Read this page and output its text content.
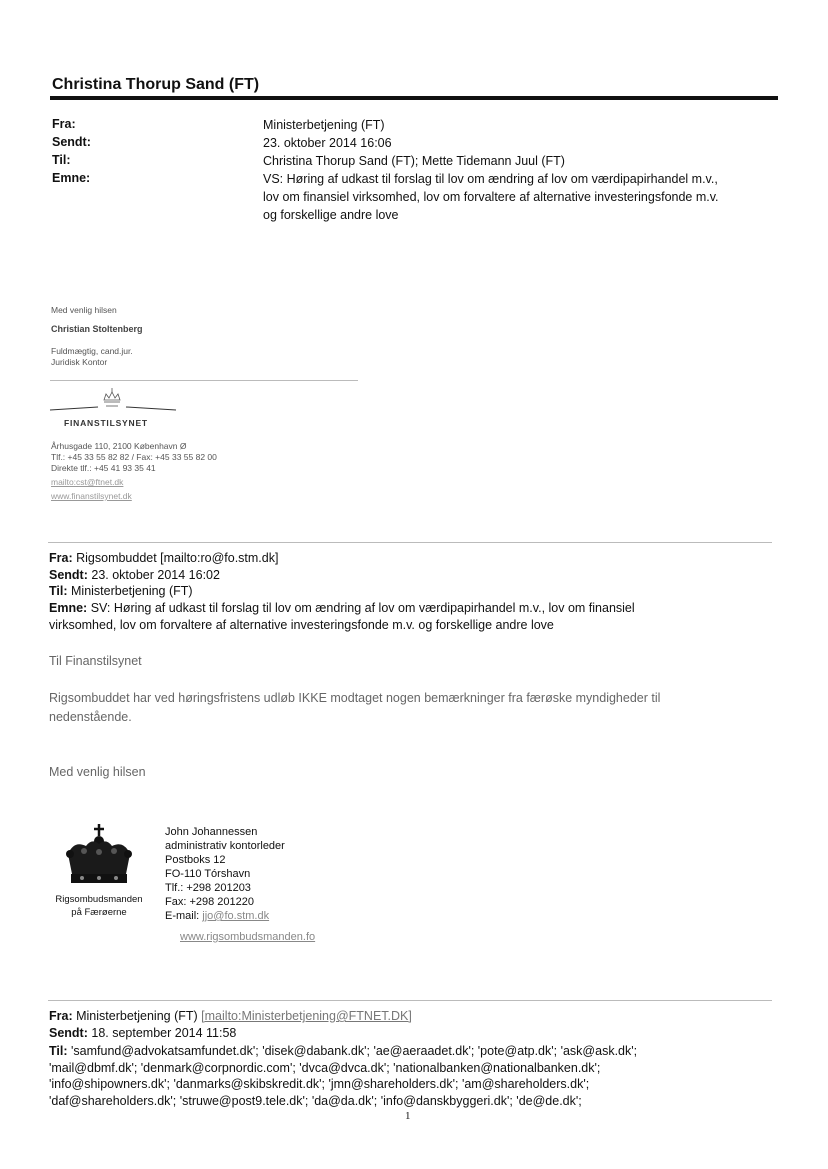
Christina Thorup Sand (FT)
Fra:
Sendt:
Til:
Emne:
Ministerbetjening (FT)
23. oktober 2014 16:06
Christina Thorup Sand (FT); Mette Tidemann Juul (FT)
VS: Høring af udkast til forslag til lov om ændring af lov om værdipapirhandel m.v.,
lov om finansiel virksomhed, lov om forvaltere af alternative investeringsfonde m.v.
og forskellige andre love
Med venlig hilsen
Christian Stoltenberg
Fuldmægtig, cand.jur.
Juridisk Kontor
FINANSTILSYNET
Århusgade 110, 2100 København Ø
Tlf.: +45 33 55 82 82 / Fax: +45 33 55 82 00
Direkte tlf.: +45 41 93 35 41
mailto:cst@ftnet.dk
www.finanstilsynet.dk
Fra: Rigsombuddet [mailto:ro@fo.stm.dk]
Sendt: 23. oktober 2014 16:02
Til: Ministerbetjening (FT)
Emne: SV: Høring af udkast til forslag til lov om ændring af lov om værdipapirhandel m.v., lov om finansiel
virksomhed, lov om forvaltere af alternative investeringsfonde m.v. og forskellige andre love
Til Finanstilsynet
Rigsombuddet har ved høringsfristens udløb IKKE modtaget nogen bemærkninger fra færøske myndigheder til
nedenstående.
Med venlig hilsen
Rigsombudsmanden
på Færøerne
John Johannessen
administrativ kontorleder
Postboks 12
FO-110 Tórshavn
Tlf.: +298 201203
Fax: +298 201220
E-mail: jjo@fo.stm.dk
www.rigsombudsmanden.fo
Fra: Ministerbetjening (FT) [mailto:Ministerbetjening@FTNET.DK]
Sendt: 18. september 2014 11:58
Til: 'samfund@advokatsamfundet.dk'; 'disek@dabank.dk'; 'ae@aeraadet.dk'; 'pote@atp.dk'; 'ask@ask.dk';
'mail@dbmf.dk'; 'denmark@corpnordic.com'; 'dvca@dvca.dk'; 'nationalbanken@nationalbanken.dk';
'info@shipowners.dk'; 'danmarks@skibskredit.dk'; 'jmn@shareholders.dk'; 'am@shareholders.dk';
'daf@shareholders.dk'; 'struwe@post9.tele.dk'; 'da@da.dk'; 'info@danskbyggeri.dk'; 'de@de.dk';
1
